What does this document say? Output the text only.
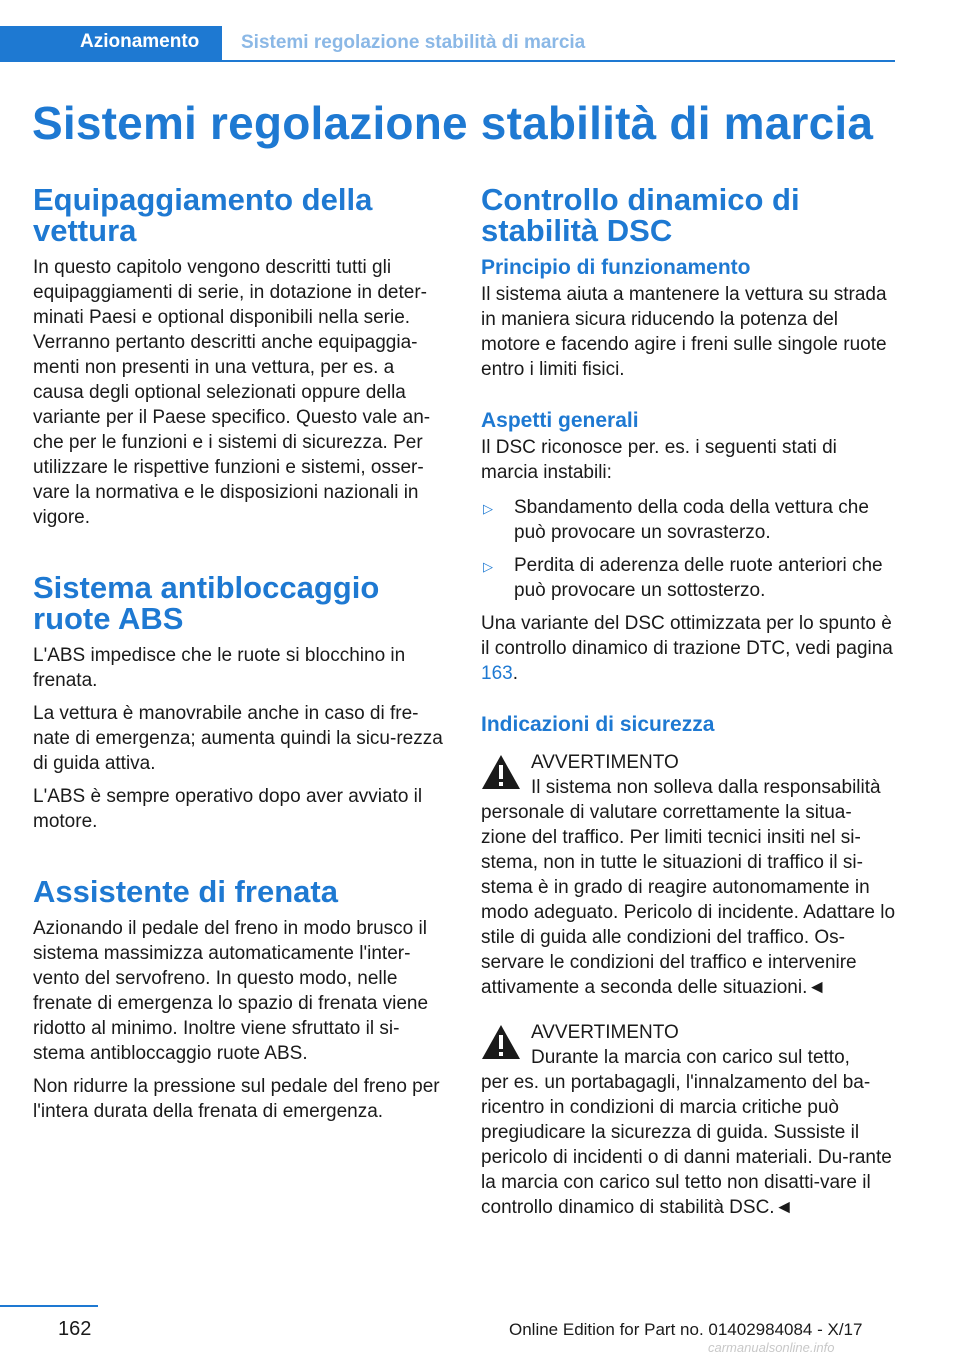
Azionamento Sistemi regolazione stabilità di marcia
Sistemi regolazione stabilità di marcia
Equipaggiamento della vettura

In questo capitolo vengono descritti tutti gli equipaggiamenti di serie, in dotazione in deter‐minati Paesi e optional disponibili nella serie. Verranno pertanto descritti anche equipaggia‐menti non presenti in una vettura, per es. a causa degli optional selezionati oppure della variante per il Paese specifico. Questo vale an‐che per le funzioni e i sistemi di sicurezza. Per utilizzare le rispettive funzioni e sistemi, osser‐vare la normativa e le disposizioni nazionali in vigore.

Sistema antibloccaggio ruote ABS

L'ABS impedisce che le ruote si blocchino in frenata.

La vettura è manovrabile anche in caso di fre‐nate di emergenza; aumenta quindi la sicu‐rezza di guida attiva.

L'ABS è sempre operativo dopo aver avviato il motore.

Assistente di frenata

Azionando il pedale del freno in modo brusco il sistema massimizza automaticamente l'inter‐vento del servofreno. In questo modo, nelle frenate di emergenza lo spazio di frenata viene ridotto al minimo. Inoltre viene sfruttato il si‐stema antibloccaggio ruote ABS.

Non ridurre la pressione sul pedale del freno per l'intera durata della frenata di emergenza.

Controllo dinamico di stabilità DSC
Principio di funzionamento

Il sistema aiuta a mantenere la vettura su strada in maniera sicura riducendo la potenza del motore e facendo agire i freni sulle singole ruote entro i limiti fisici.

Aspetti generali

Il DSC riconosce per. es. i seguenti stati di marcia instabili:

▷ Sbandamento della coda della vettura che può provocare un sovrasterzo.
▷ Perdita di aderenza delle ruote anteriori che può provocare un sottosterzo.

Una variante del DSC ottimizzata per lo spunto è il controllo dinamico di trazione DTC, vedi pagina 163.

Indicazioni di sicurezza
AVVERTIMENTO
Il sistema non solleva dalla responsabilità
personale di valutare correttamente la situa‐zione del traffico. Per limiti tecnici insiti nel si‐stema, non in tutte le situazioni di traffico il si‐stema è in grado di reagire autonomamente in modo adeguato. Pericolo di incidente. Adattare lo stile di guida alle condizioni del traffico. Os‐servare le condizioni del traffico e intervenire attivamente a seconda delle situazioni.◄
AVVERTIMENTO
Durante la marcia con carico sul tetto,
per es. un portabagagli, l'innalzamento del ba‐ricentro in condizioni di marcia critiche può pregiudicare la sicurezza di guida. Sussiste il pericolo di incidenti o di danni materiali. Du‐rante la marcia con carico sul tetto non disatti‐vare il controllo dinamico di stabilità DSC.◄
162	Online Edition for Part no. 01402984084 - X/17
carmanualsonline.info
